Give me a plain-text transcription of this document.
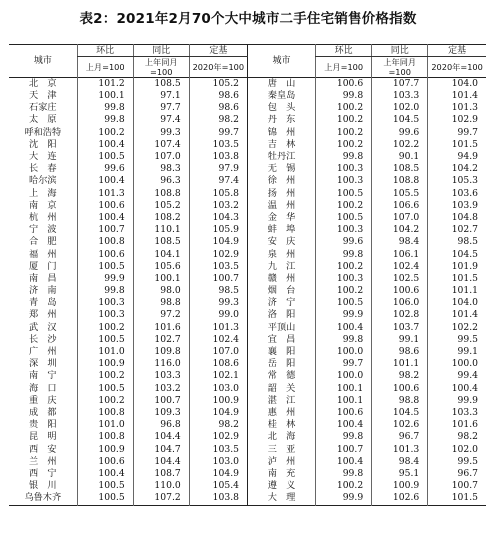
表2：2021年2月70个大中城市二手住宅销售价格指数
城市	环比	同比	定基	城市	环比	同比	定基
	上月=100	上年同月=100	2020年=100		上月=100	上年同月=100	2020年=100
北　京	101.2	108.5	105.2	唐　山	100.6	107.7	104.0
天　津	100.1	97.1	98.6	秦皇岛	99.8	103.3	101.4
石家庄	99.8	97.7	98.6	包　头	100.2	102.0	101.3
太　原	99.8	97.4	98.2	丹　东	100.2	104.5	102.9
呼和浩特	100.2	99.3	99.7	锦　州	100.2	99.6	99.7
沈　阳	100.4	107.4	103.5	吉　林	100.2	102.2	101.5
大　连	100.5	107.0	103.8	牡丹江	99.8	90.1	94.9
长　春	99.6	98.3	97.9	无　锡	100.3	108.5	104.2
哈尔滨	100.4	96.3	97.4	徐　州	100.3	108.8	105.3
上　海	101.3	108.8	105.8	扬　州	100.5	105.5	103.6
南　京	100.6	105.2	103.2	温　州	100.2	106.6	103.9
杭　州	100.4	108.2	104.3	金　华	100.5	107.0	104.8
宁　波	100.7	110.1	105.9	蚌　埠	100.3	104.2	102.7
合　肥	100.8	108.5	104.9	安　庆	99.6	98.4	98.5
福　州	100.6	104.1	102.9	泉　州	99.8	106.1	104.5
厦　门	100.5	105.6	103.5	九　江	100.2	102.4	101.9
南　昌	99.9	100.1	100.7	赣　州	100.3	102.5	101.5
济　南	99.8	98.0	98.5	烟　台	100.2	100.6	101.1
青　岛	100.3	98.8	99.3	济　宁	100.5	106.0	104.0
郑　州	100.3	97.2	99.0	洛　阳	99.9	102.8	101.4
武　汉	100.2	101.6	101.3	平顶山	100.4	103.7	102.2
长　沙	100.5	102.7	102.4	宜　昌	99.8	99.1	99.5
广　州	101.0	109.8	107.0	襄　阳	100.0	98.6	99.1
深　圳	100.9	116.0	108.6	岳　阳	99.7	101.1	100.0
南　宁	100.2	103.3	102.1	常　德	100.0	98.2	99.4
海　口	100.5	103.2	103.0	韶　关	100.1	100.6	100.4
重　庆	100.2	100.7	100.9	湛　江	100.1	98.8	99.9
成　都	100.8	109.3	104.9	惠　州	100.6	104.5	103.3
贵　阳	101.0	96.8	98.2	桂　林	100.4	102.6	101.6
昆　明	100.8	104.4	102.9	北　海	99.8	96.7	98.2
西　安	100.9	104.7	103.5	三　亚	100.7	101.3	102.0
兰　州	100.6	104.4	103.0	泸　州	100.4	98.4	99.5
西　宁	100.4	108.7	104.9	南　充	99.8	95.1	96.7
银　川	100.5	110.0	105.4	遵　义	100.2	100.9	100.7
乌鲁木齐	100.5	107.2	103.8	大　理	99.9	102.6	101.5
